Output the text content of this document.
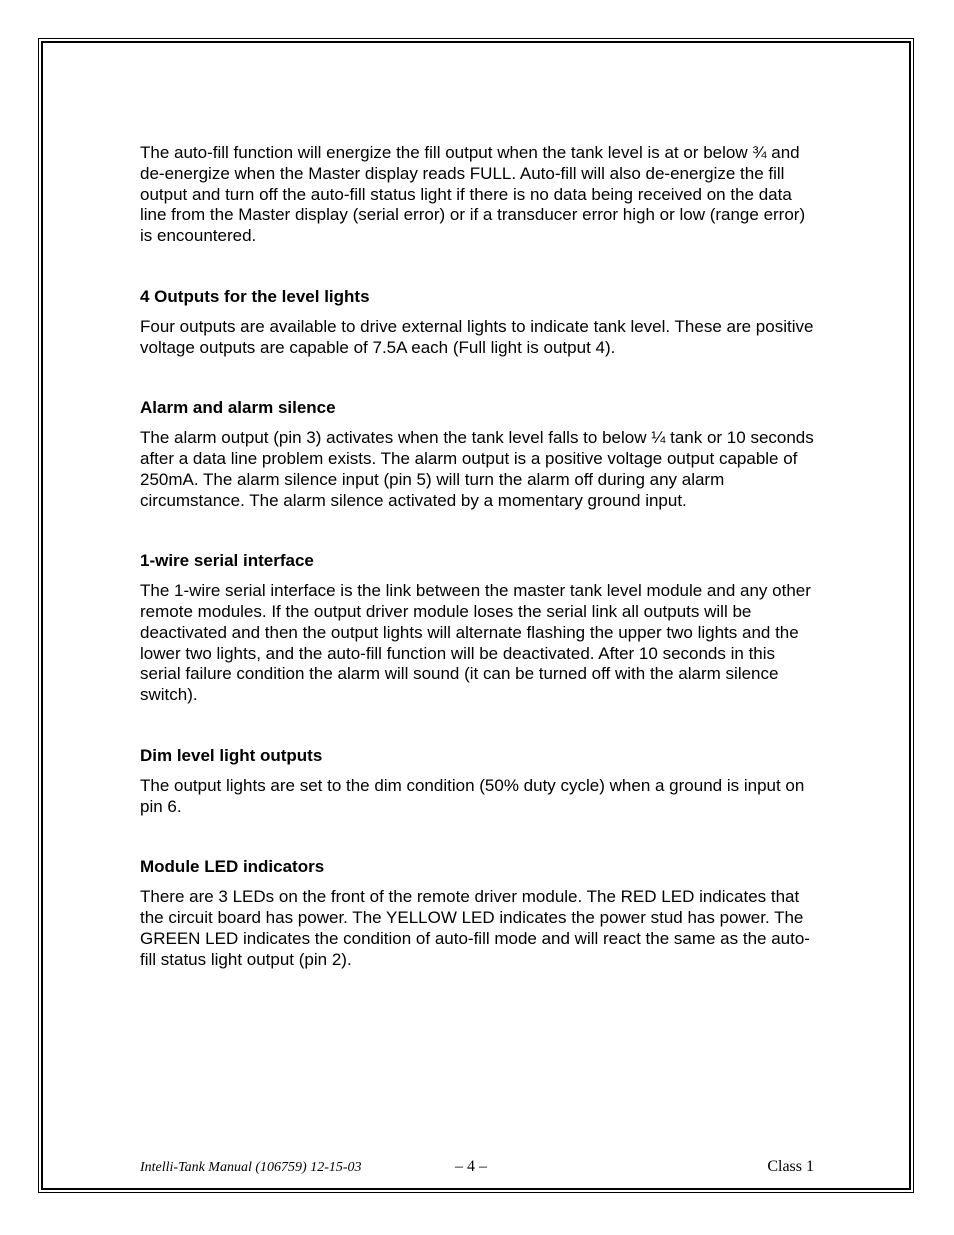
The auto-fill function will energize the fill output when the tank level is at or below ¾ and de-energize when the Master display reads FULL. Auto-fill will also de-energize the fill output and turn off the auto-fill status light if there is no data being received on the data line from the Master display (serial error) or if a transducer error high or low (range error) is encountered.

4 Outputs for the level lights

Four outputs are available to drive external lights to indicate tank level. These are positive voltage outputs are capable of 7.5A each (Full light is output 4).

Alarm and alarm silence

The alarm output (pin 3) activates when the tank level falls to below ¼ tank or 10 seconds after a data line problem exists. The alarm output is a positive voltage output capable of 250mA. The alarm silence input (pin 5) will turn the alarm off during any alarm circumstance. The alarm silence activated by a momentary ground input.

1-wire serial interface

The 1-wire serial interface is the link between the master tank level module and any other remote modules. If the output driver module loses the serial link all outputs will be deactivated and then the output lights will alternate flashing the upper two lights and the lower two lights, and the auto-fill function will be deactivated. After 10 seconds in this serial failure condition the alarm will sound (it can be turned off with the alarm silence switch).

Dim level light outputs

The output lights are set to the dim condition (50% duty cycle) when a ground is input on pin 6.

Module LED indicators

There are 3 LEDs on the front of the remote driver module. The RED LED indicates that the circuit board has power. The YELLOW LED indicates the power stud has power. The GREEN LED indicates the condition of auto-fill mode and will react the same as the auto-fill status light output (pin 2).

Intelli-Tank Manual (106759) 12-15-03	– 4 –	Class 1
